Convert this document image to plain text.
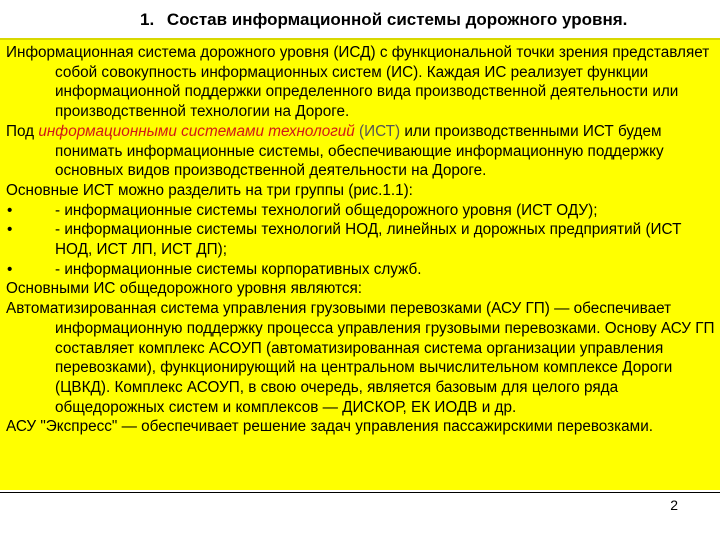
1. Состав информационной системы дорожного уровня.

Информационная система дорожного уровня (ИСД) с функциональной точки зрения представляет собой совокупность информационных систем (ИС). Каждая ИС реализует функции информационной поддержки определенного вида производственной деятельности или производственной технологии на Дороге.

Под информационными системами технологий (ИСТ) или производственными ИСТ будем понимать информационные системы, обеспечивающие информационную поддержку основных видов производственной деятельности на Дороге.

Основные ИСТ можно разделить на три группы (рис.1.1):

•	- информационные системы технологий общедорожного уровня (ИСТ ОДУ);

•	- информационные системы технологий НОД, линейных и дорожных предприятий (ИСТ НОД, ИСТ ЛП, ИСТ ДП);

•	- информационные системы корпоративных служб.

Основными ИС общедорожного уровня являются:

Автоматизированная система управления грузовыми перевозками (АСУ ГП) — обеспечивает информационную поддержку процесса управления грузовыми перевозками. Основу АСУ ГП составляет комплекс АСОУП (автоматизированная система организации управления перевозками), функционирующий на центральном вычислительном комплексе Дороги (ЦВКД). Комплекс АСОУП, в свою очередь, является базовым для целого ряда общедорожных систем и комплексов — ДИСКОР, ЕК ИОДВ и др.

АСУ "Экспресс" — обеспечивает решение задач управления пассажирскими перевозками.

2
